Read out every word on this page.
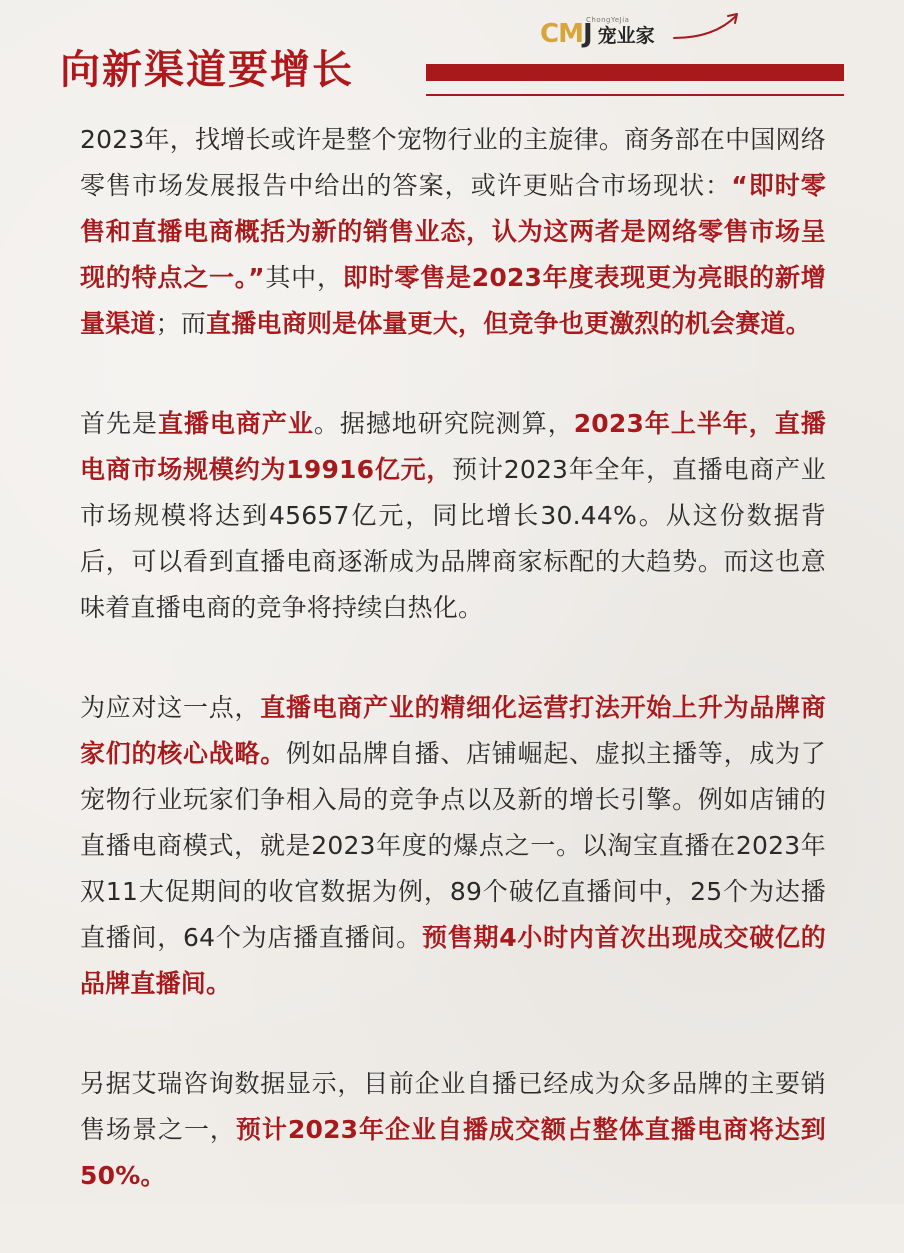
CMJ
ChongYeJia
宠业家
向新渠道要增长

2023年，找增长或许是整个宠物行业的主旋律。商务部在中国网络零售市场发展报告中给出的答案，或许更贴合市场现状：“即时零售和直播电商概括为新的销售业态，认为这两者是网络零售市场呈现的特点之一。”其中，即时零售是2023年度表现更为亮眼的新增量渠道；而直播电商则是体量更大，但竞争也更激烈的机会赛道。

首先是直播电商产业。据撼地研究院测算，2023年上半年，直播电商市场规模约为19916亿元，预计2023年全年，直播电商产业市场规模将达到45657亿元，同比增长30.44%。从这份数据背后，可以看到直播电商逐渐成为品牌商家标配的大趋势。而这也意味着直播电商的竞争将持续白热化。

为应对这一点，直播电商产业的精细化运营打法开始上升为品牌商家们的核心战略。例如品牌自播、店铺崛起、虚拟主播等，成为了宠物行业玩家们争相入局的竞争点以及新的增长引擎。例如店铺的直播电商模式，就是2023年度的爆点之一。以淘宝直播在2023年双11大促期间的收官数据为例，89个破亿直播间中，25个为达播直播间，64个为店播直播间。预售期4小时内首次出现成交破亿的品牌直播间。

另据艾瑞咨询数据显示，目前企业自播已经成为众多品牌的主要销售场景之一，预计2023年企业自播成交额占整体直播电商将达到50%。
